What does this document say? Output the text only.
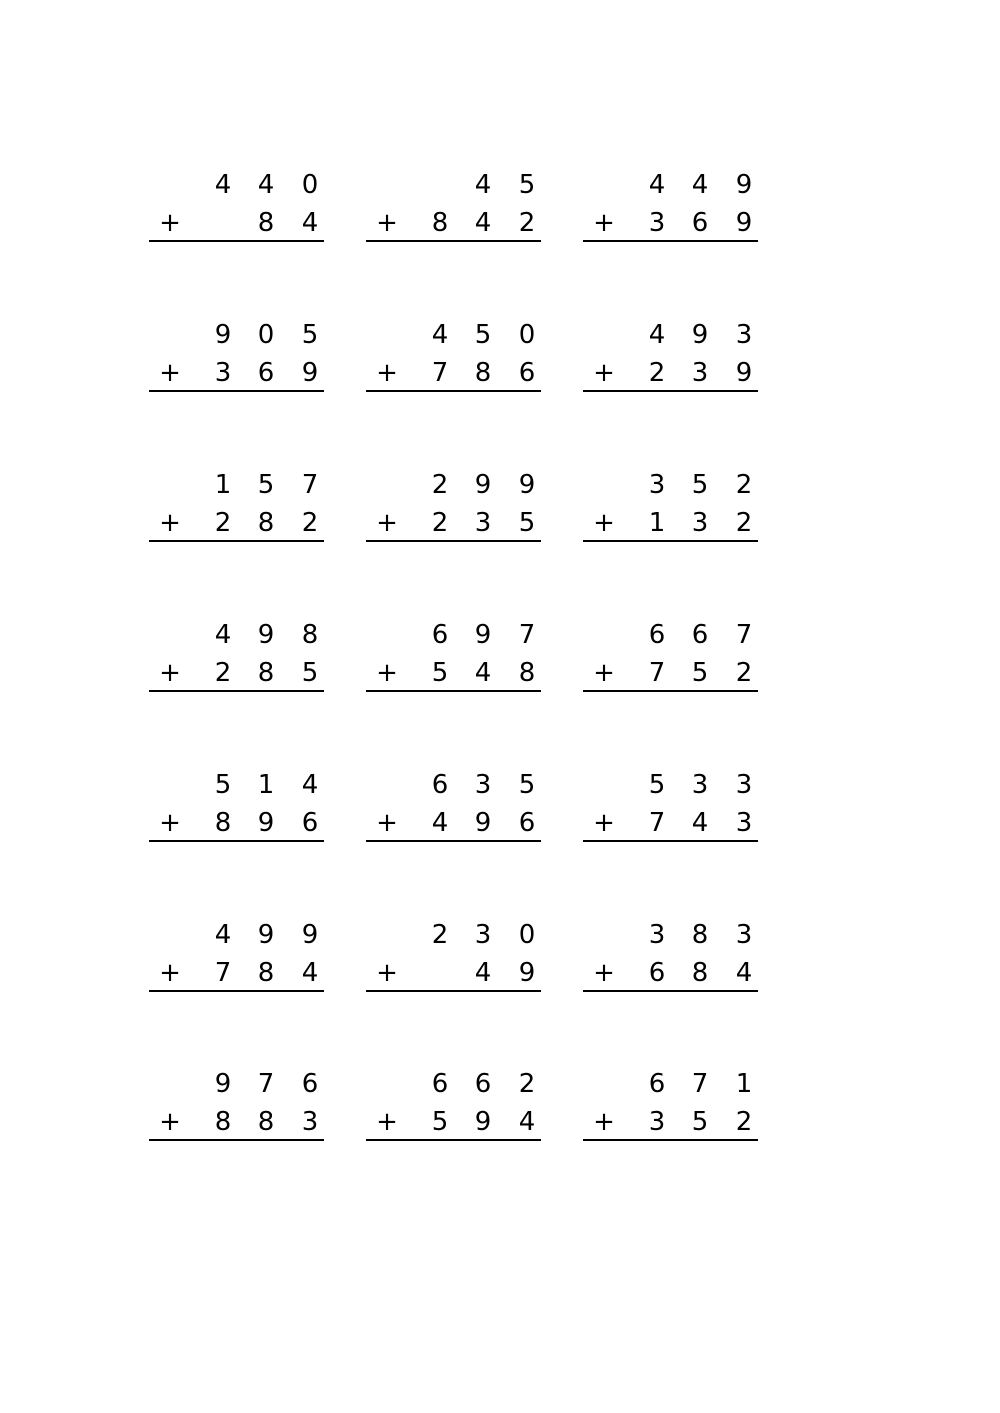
4 4 0
+	8 4
4 5
+ 8 4 2
4 4 9
+ 3 6 9
9 0 5
+ 3 6 9
4 5 0
+ 7 8 6
4 9 3
+ 2 3 9
1 5 7
+ 2 8 2
2 9 9
+ 2 3 5
3 5 2
+ 1 3 2
4 9 8
+ 2 8 5
6 9 7
+ 5 4 8
6 6 7
+ 7 5 2
5 1 4
+ 8 9 6
6 3 5
+ 4 9 6
5 3 3
+ 7 4 3
4 9 9
+ 7 8 4
2 3 0
+	4 9
3 8 3
+ 6 8 4
9 7 6
+ 8 8 3
6 6 2
+ 5 9 4
6 7 1
+ 3 5 2
